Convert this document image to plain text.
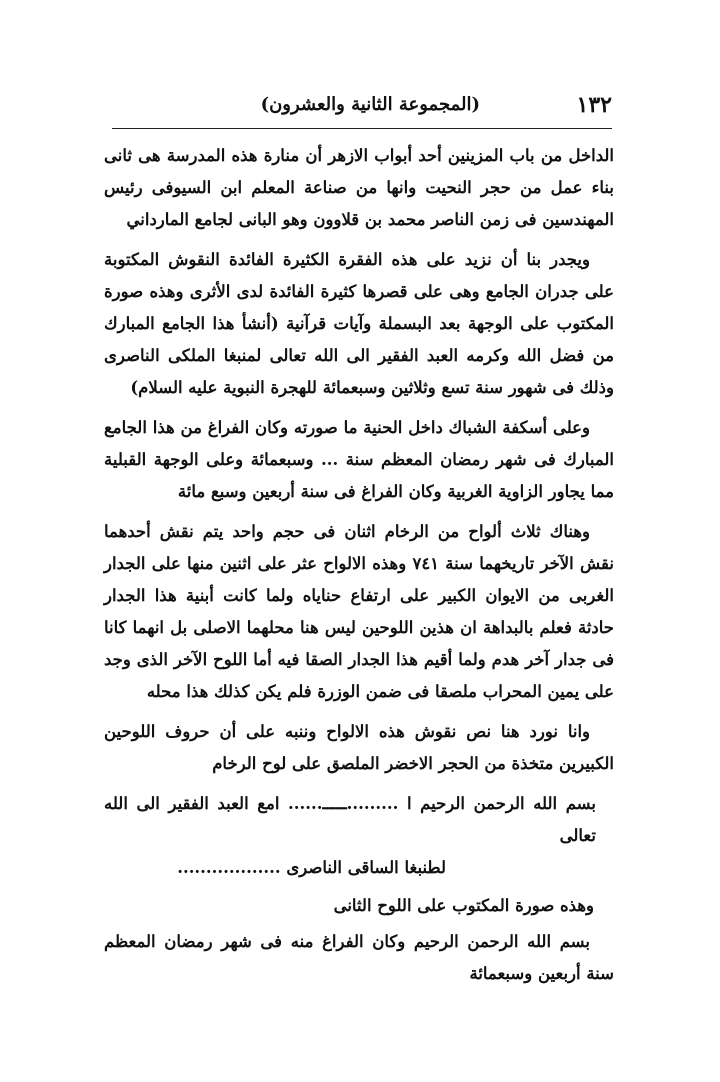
١٣٢
(المجموعة الثانية والعشرون)

الداخل من باب المزينين أحد أبواب الازهر أن منارة هذه المدرسة هى ثانى بناء عمل من حجر النحيت وانها من صناعة المعلم ابن السيوفى رئيس المهندسين فى زمن الناصر محمد بن قلاوون وهو البانى لجامع المارداني

ويجدر بنا أن نزيد على هذه الفقرة الكثيرة الفائدة النقوش المكتوبة على جدران الجامع وهى على قصرها كثيرة الفائدة لدى الأثرى وهذه صورة المكتوب على الوجهة بعد البسملة وآيات قرآنية (أنشأ هذا الجامع المبارك من فضل الله وكرمه العبد الفقير الى الله تعالى لمنبغا الملكى الناصرى وذلك فى شهور سنة تسع وثلاثين وسبعمائة للهجرة النبوية عليه السلام)

وعلى أسكفة الشباك داخل الحنية ما صورته وكان الفراغ من هذا الجامع المبارك فى شهر رمضان المعظم سنة ... وسبعمائة وعلى الوجهة القبلية مما يجاور الزاوية الغربية وكان الفراغ فى سنة أربعين وسبع مائة

وهناك ثلاث ألواح من الرخام اثنان فى حجم واحد يتم نقش أحدهما نقش الآخر تاريخهما سنة ٧٤١ وهذه الالواح عثر على اثنين منها على الجدار الغربى من الايوان الكبير على ارتفاع حناياه ولما كانت أبنية هذا الجدار حادثة فعلم بالبداهة ان هذين اللوحين ليس هنا محلهما الاصلى بل انهما كانا فى جدار آخر هدم ولما أقيم هذا الجدار الصقا فيه أما اللوح الآخر الذى وجد على يمين المحراب ملصقا فى ضمن الوزرة فلم يكن كذلك هذا محله

وانا نورد هنا نص نقوش هذه الالواح وننبه على أن حروف اللوحين الكبيرين متخذة من الحجر الاخضر الملصق على لوح الرخام

بسم الله الرحمن الرحيم ا .........ـــــ...... امع العبد الفقير الى الله تعالى
لطنبغا الساقى الناصرى ..................
وهذه صورة المكتوب على اللوح الثانى

بسم الله الرحمن الرحيم وكان الفراغ منه فى شهر رمضان المعظم سنة أربعين وسبعمائة
